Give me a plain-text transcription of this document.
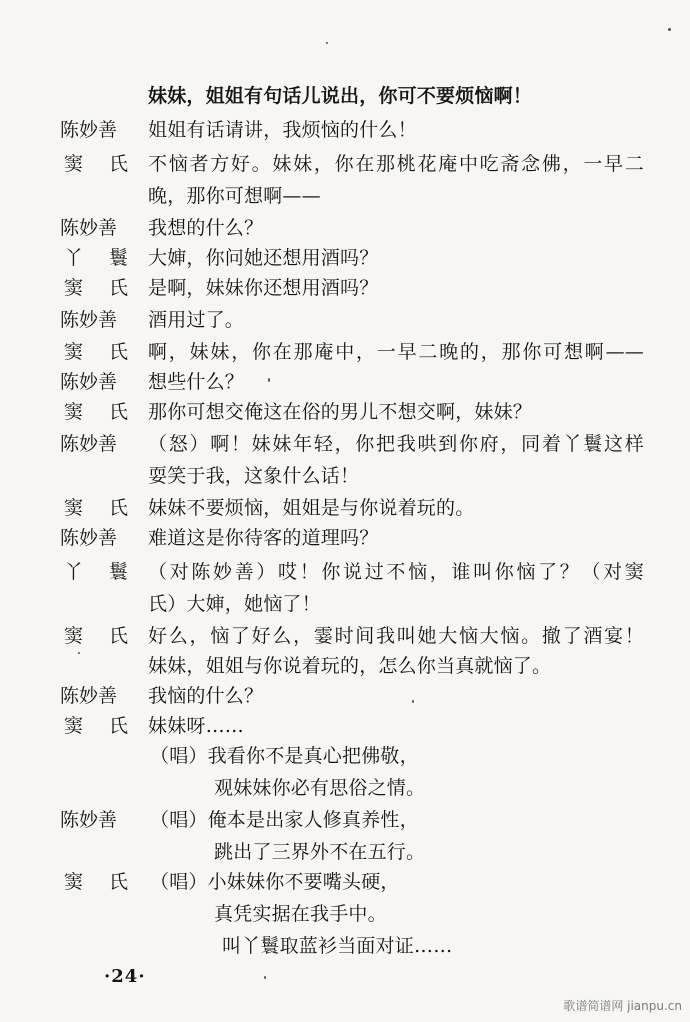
妹妹，姐姐有句话儿说出，你可不要烦恼啊！
陈妙善	姐姐有话请讲，我烦恼的什么！
窦 氏 不恼者方好。妹妹，你在那桃花庵中吃斋念佛，一早二
晚，那你可想啊——
陈妙善	我想的什么？
丫 鬟 大婶，你问她还想用酒吗？
窦 氏 是啊，妹妹你还想用酒吗？
陈妙善	酒用过了。
窦 氏 啊，妹妹，你在那庵中，一早二晚的，那你可想啊——
陈妙善	想些什么？
窦 氏 那你可想交俺这在俗的男儿不想交啊，妹妹？
陈妙善	（怒）啊！妹妹年轻，你把我哄到你府，同着丫鬟这样
耍笑于我，这象什么话！
窦 氏 妹妹不要烦恼，姐姐是与你说着玩的。
陈妙善	难道这是你待客的道理吗？
丫 鬟 （对陈妙善）哎！你说过不恼，谁叫你恼了？（对窦
氏）大婶，她恼了！
窦 氏 好么，恼了好么，霎时间我叫她大恼大恼。撤了酒宴！
妹妹，姐姐与你说着玩的，怎么你当真就恼了。
陈妙善	我恼的什么？
窦 氏 妹妹呀……
（唱）我看你不是真心把佛敬，
观妹妹你必有思俗之情。
陈妙善	（唱）俺本是出家人修真养性，
跳出了三界外不在五行。
窦 氏 （唱）小妹妹你不要嘴头硬，
真凭实据在我手中。
叫丫鬟取蓝衫当面对证……
·24·
歌谱简谱网 jianpu.cn
